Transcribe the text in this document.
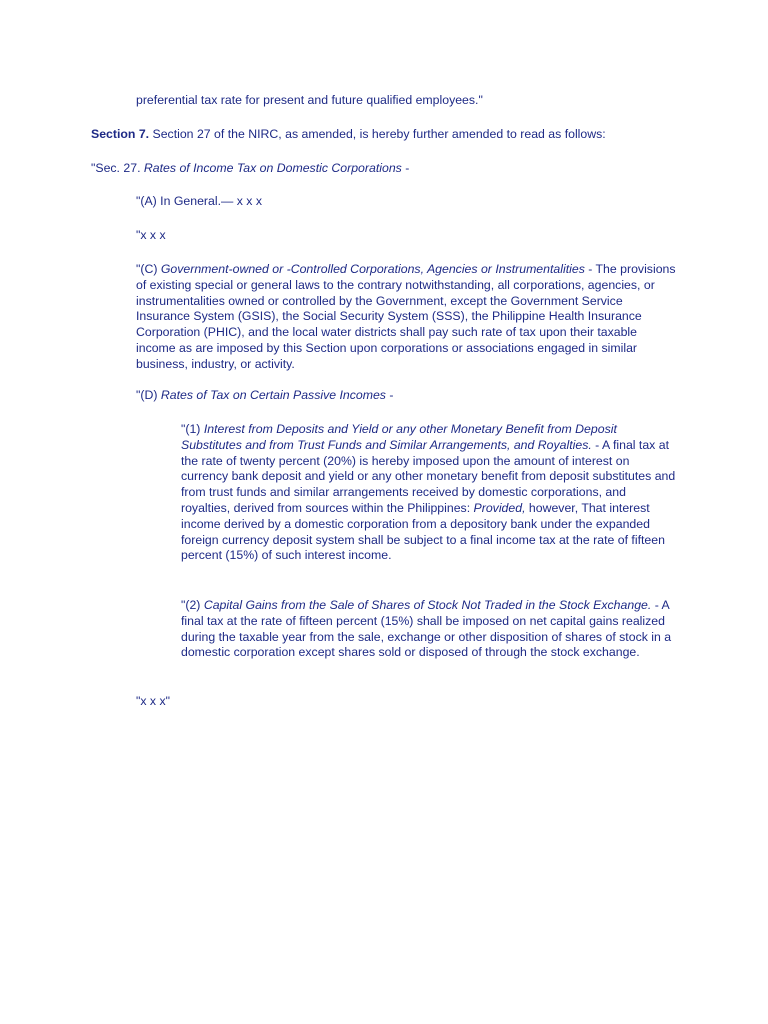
preferential tax rate for present and future qualified employees."

Section 7. Section 27 of the NIRC, as amended, is hereby further amended to read as follows:

"Sec. 27. Rates of Income Tax on Domestic Corporations -

"(A) In General.— x x x

"x x x

"(C) Government-owned or -Controlled Corporations, Agencies or Instrumentalities - The provisions of existing special or general laws to the contrary notwithstanding, all corporations, agencies, or instrumentalities owned or controlled by the Government, except the Government Service Insurance System (GSIS), the Social Security System (SSS), the Philippine Health Insurance Corporation (PHIC), and the local water districts shall pay such rate of tax upon their taxable income as are imposed by this Section upon corporations or associations engaged in similar business, industry, or activity.

"(D) Rates of Tax on Certain Passive Incomes -

"(1) Interest from Deposits and Yield or any other Monetary Benefit from Deposit Substitutes and from Trust Funds and Similar Arrangements, and Royalties. - A final tax at the rate of twenty percent (20%) is hereby imposed upon the amount of interest on currency bank deposit and yield or any other monetary benefit from deposit substitutes and from trust funds and similar arrangements received by domestic corporations, and royalties, derived from sources within the Philippines: Provided, however, That interest income derived by a domestic corporation from a depository bank under the expanded foreign currency deposit system shall be subject to a final income tax at the rate of fifteen percent (15%) of such interest income.

"(2) Capital Gains from the Sale of Shares of Stock Not Traded in the Stock Exchange. - A final tax at the rate of fifteen percent (15%) shall be imposed on net capital gains realized during the taxable year from the sale, exchange or other disposition of shares of stock in a domestic corporation except shares sold or disposed of through the stock exchange.

"x x x"
